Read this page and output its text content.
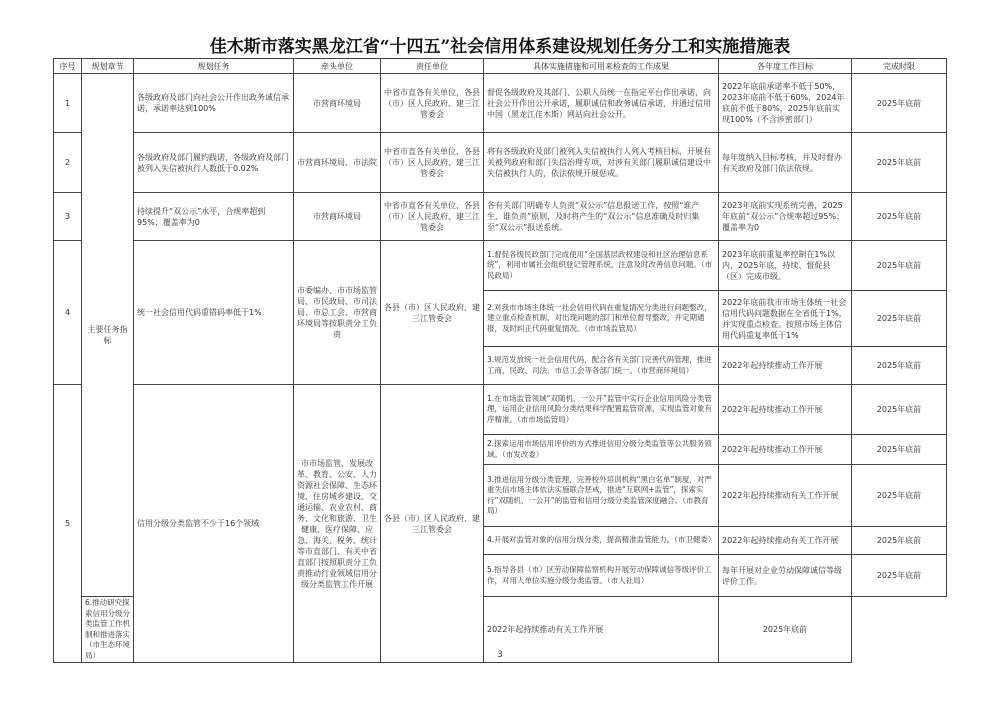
佳木斯市落实黑龙江省“十四五”社会信用体系建设规划任务分工和实施措施表
序号	规划章节	规划任务	牵头单位	责任单位	具体实施措施和可用来检查的工作成果	各年度工作目标	完成时限
1	主要任务指标	各级政府及部门向社会公开作出政务诚信承诺，承诺率达到100%	市营商环境局	中省市直各有关单位，各县（市）区人民政府、建三江管委会	督促各级政府及其部门、公职人员统一在指定平台作出承诺，向社会公开作出公开承诺，履职诚信和政务诚信承诺，并通过信用中国（黑龙江佳木斯）网站向社会公开。	2022年底前承诺率不低于50%，2023年底前不低于60%，2024年底前不低于80%，2025年底前实现100%（不含涉密部门）	2025年底前
2		各级政府及部门履约践诺，各级政府及部门被列入失信被执行人数低于0.02%	市营商环境局、市法院	中省市直各有关单位，各县（市）区人民政府、建三江管委会	将有各级政府及部门被列入失信被执行人列入考核目标，开展有关被列政府和部门失信治理专项，对涉有关部门履职诚信建设中失信被执行人的，依法依规开展惩戒。	每年度纳入目标考核，并及时督办有关政府及部门依法依规。	2025年底前
3		持续提升“双公示”水平，合规率超到95%；覆盖率为0	市营商环境局	中省市直各有关单位，各县（市）区人民政府、建三江管委会	各有关部门明确专人负责“双公示”信息报送工作，按照“谁产生、谁负责”原则，及时将产生的“双公示”信息准确及时归集至“双公示”报送系统。	2023年底前实现系统完善，2025年底前“双公示”合规率超过95%；覆盖率为0	2025年底前
4		统一社会信用代码重错码率低于1%	市委编办、市市场监管局、市民政局、市司法局、市总工会、市营商环境局等按职责分工负责	各县（市）区人民政府、建三江管委会	1.督促各级民政部门完成使用“全国基层政权建设和社区治理信息系统”，利用市属社会组织登记管理系统，注意及时改善信息问题。（市民政局）	2023年底前重复率控制在1%以内，2025年底，持续、督促县（区）完成市级。	2025年底前
					2.对我市市场主体统一社会信用代码在重复情况分类进行问题整改，建立重点检查机制，对出现问题的部门和单位督导整改，并定期通报，及时纠正代码重复情况。（市市场监管局）	2022年底前我市市场主体统一社会信用代码问题数据在全省低于1%，并实现重点检查。按照市场主体信用代码重复率低于1%	2025年底前
					3.规范发放统一社会信用代码，配合各有关部门完善代码管理，推进工商、民政、司法、市总工会等各部门统一。（市营商环境局）	2022年起持续推动工作开展	2025年底前
5		信用分级分类监管不少于16个领域	市市场监管、发展改革、教育、公安、人力资源社会保障、生态环境、住房城乡建设、交通运输、农业农村、商务、文化和旅游、卫生健康、医疗保障、应急、海关、税务、统计等市直部门、有关中省直部门按照职责分工负责推动行业领域信用分级分类监管工作开展	各县（市）区人民政府、建三江管委会	1.在市场监管领域“双随机、一公开”监管中实行企业信用风险分类管理，运用企业信用风险分类结果科学配置监管资源，实现监管对象有序精准。（市市场监管局）	2022年起持续推动工作开展	2025年底前
					2.探索运用市场信用评价的方式推进信用分级分类监管等公共服务领域。（市发改委）	2022年起持续推动工作开展	2025年底前
					3.推进信用分级分类管理，完善校外培训机构“黑白名单”制度，对严重失信市场主体依法实施联合惩戒，推进“互联网+监管”，探索实行“双随机、一公开”的监管和信用分级分类监管深度融合。（市教育局）	2022年起持续推动有关工作开展	2025年底前
					4.开展对监管对象的信用分级分类，提高精准监管能力。（市卫健委）	2022年起持续推动有关工作开展	2025年底前
					5.指导各县（市）区劳动保障监察机构开展劳动保障诚信等级评价工作，对用人单位实施分级分类监管。（市人社局）	每年开展对企业劳动保障诚信等级评价工作。	2025年底前
	6.推动研究探索信用分级分类监管工作机制和推进落实（市生态环境局）				2022年起持续推动有关工作开展	2025年底前	
3
